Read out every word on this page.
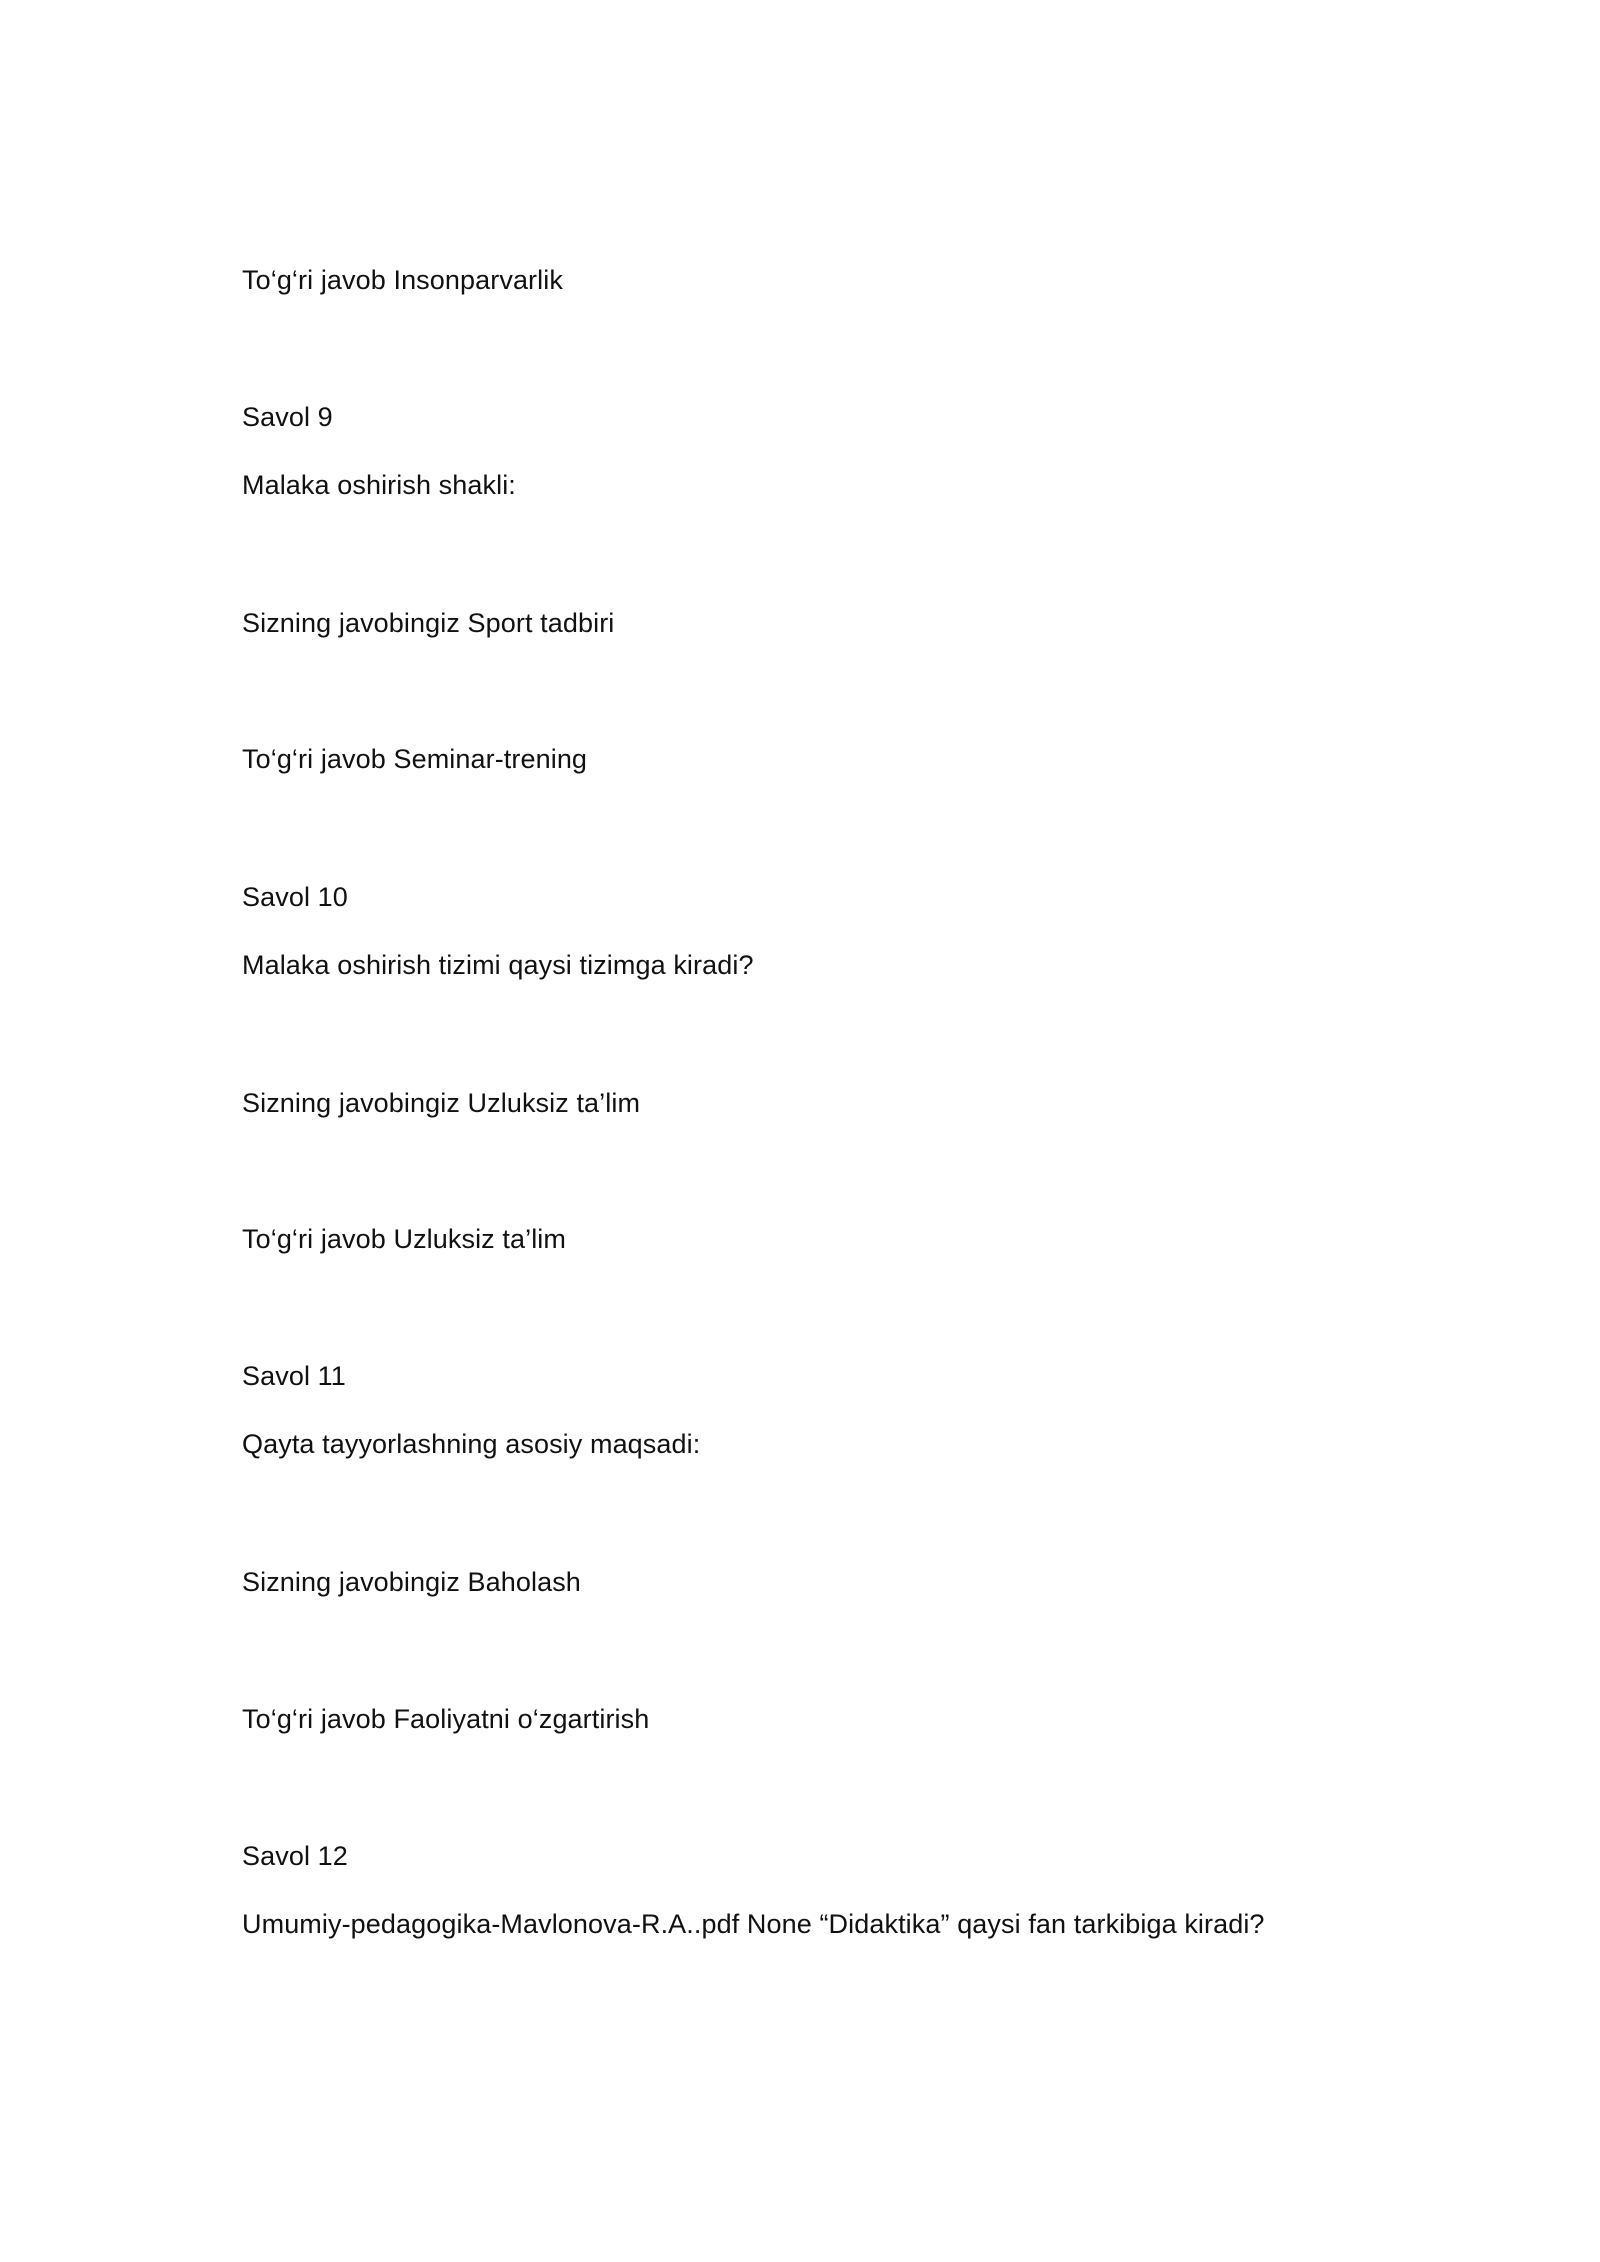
To‘g‘ri javob Insonparvarlik
Savol 9
Malaka oshirish shakli:
Sizning javobingiz Sport tadbiri
To‘g‘ri javob Seminar-trening
Savol 10
Malaka oshirish tizimi qaysi tizimga kiradi?
Sizning javobingiz Uzluksiz ta’lim
To‘g‘ri javob Uzluksiz ta’lim
Savol 11
Qayta tayyorlashning asosiy maqsadi:
Sizning javobingiz Baholash
To‘g‘ri javob Faoliyatni o‘zgartirish
Savol 12
Umumiy-pedagogika-Mavlonova-R.A..pdf None “Didaktika” qaysi fan tarkibiga kiradi?
